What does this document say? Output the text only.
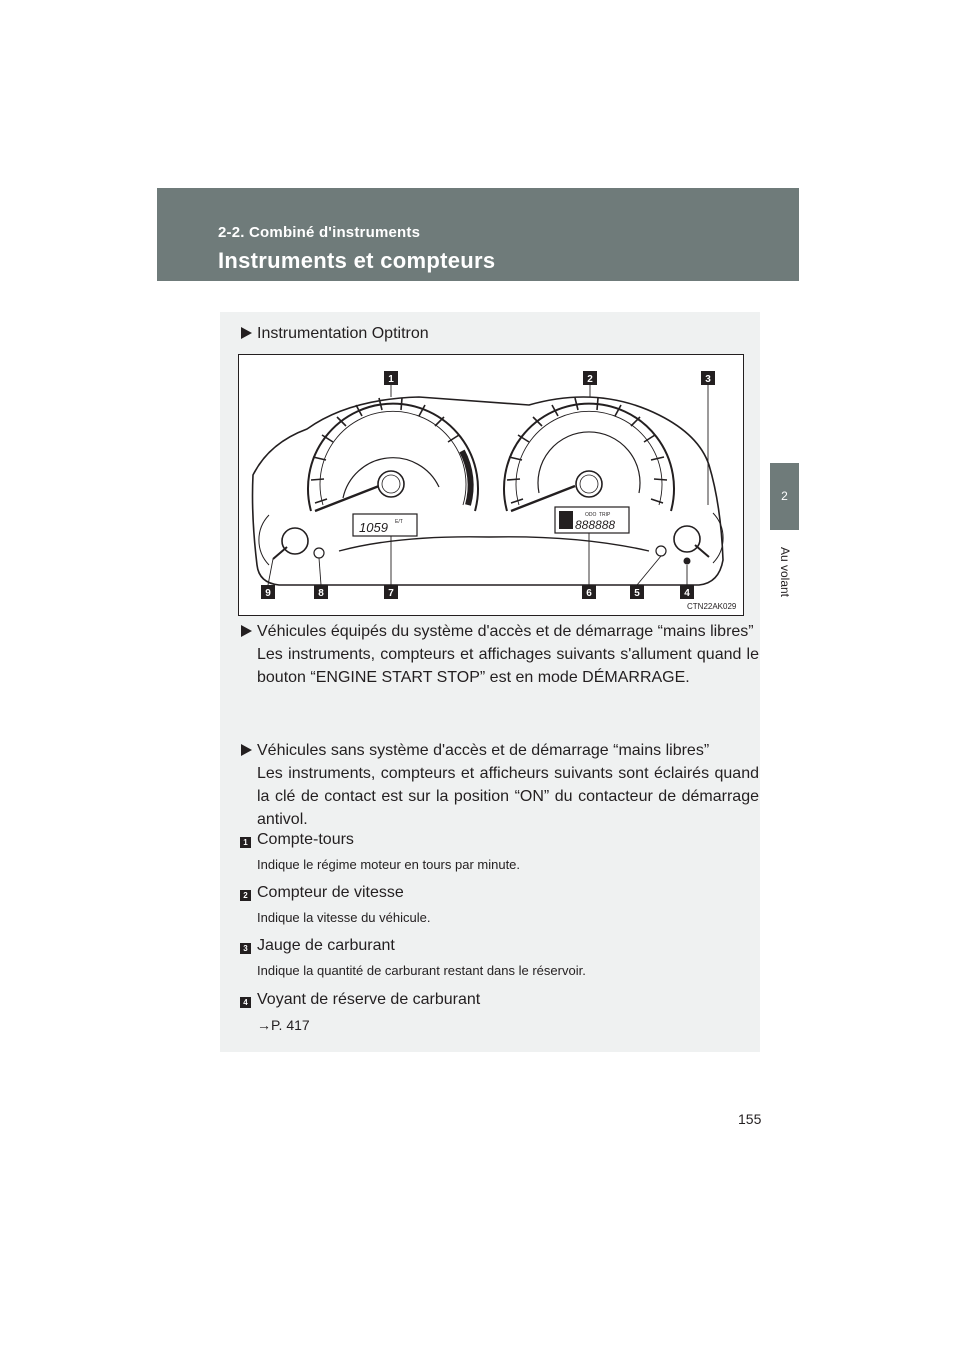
2-2. Combiné d'instruments
Instruments et compteurs
2
Au volant
Instrumentation Optitron
1059 E/T	888888
ODO TRIP
1	2	3
4
5
6
7
8
9
CTN22AK029
Véhicules équipés du système d'accès et de démarrage “mains libres”
Les instruments, compteurs et affichages suivants s'allument quand le bouton “ENGINE START STOP” est en mode DÉMARRAGE.
Véhicules sans système d'accès et de démarrage “mains libres”
Les instruments, compteurs et afficheurs suivants sont éclairés quand la clé de contact est sur la position “ON” du contacteur de démarrage antivol.
1 Compte-tours
Indique le régime moteur en tours par minute.
2 Compteur de vitesse
Indique la vitesse du véhicule.
3 Jauge de carburant
Indique la quantité de carburant restant dans le réservoir.
4 Voyant de réserve de carburant
→P. 417
155
